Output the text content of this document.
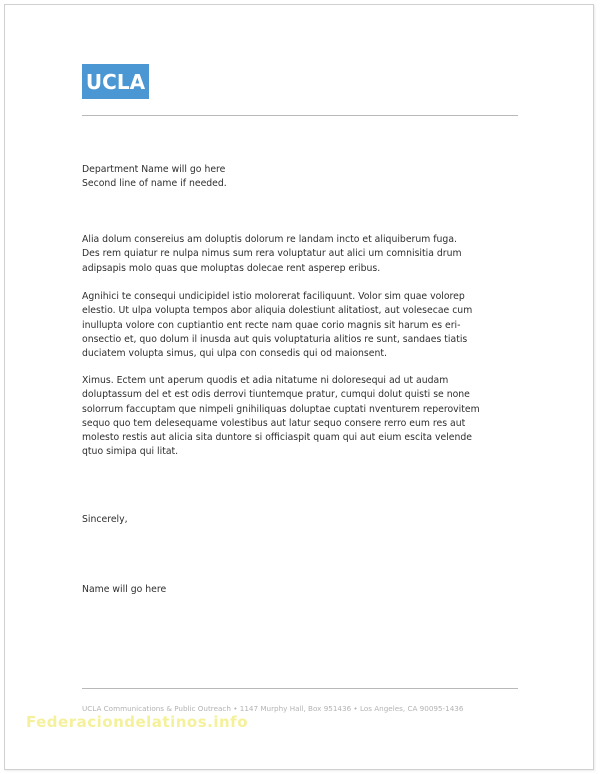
UCLA
Department Name will go here
Second line of name if needed.

Alia dolum consereius am doluptis dolorum re landam incto et aliquiberum fuga.
Des rem quiatur re nulpa nimus sum rera voluptatur aut alici um comnisitia drum
adipsapis molo quas que moluptas dolecae rent asperep eribus.

Agnihici te consequi undicipidel istio molorerat faciliquunt. Volor sim quae volorep
elestio. Ut ulpa volupta tempos abor aliquia dolestiunt alitatiost, aut volesecae cum
inullupta volore con cuptiantio ent recte nam quae corio magnis sit harum es eri-
onsectio et, quo dolum il inusda aut quis voluptaturia alitios re sunt, sandaes tiatis
duciatem volupta simus, qui ulpa con consedis qui od maionsent.

Ximus. Ectem unt aperum quodis et adia nitatume ni doloresequi ad ut audam
doluptassum del et est odis derrovi tiuntemque pratur, cumqui dolut quisti se none
solorrum faccuptam que nimpeli gnihiliquas doluptae cuptati nventurem reperovitem
sequo quo tem delesequame volestibus aut latur sequo consere rerro eum res aut
molesto restis aut alicia sita duntore si officiaspit quam qui aut eium escita velende
qtuo simipa qui litat.

Sincerely,
Name will go here
UCLA Communications & Public Outreach • 1147 Murphy Hall, Box 951436 • Los Angeles, CA 90095-1436
Federaciondelatinos.info
